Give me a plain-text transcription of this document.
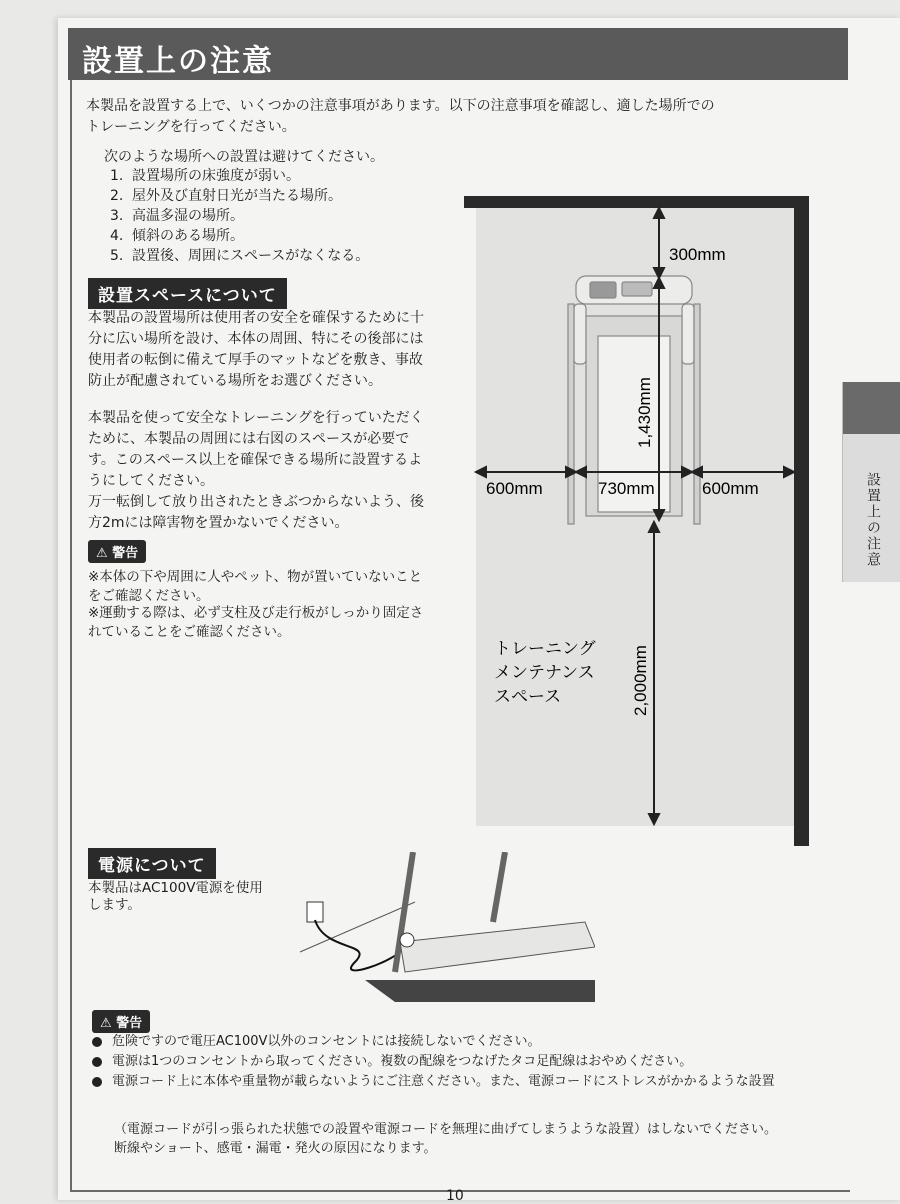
設置上の注意
本製品を設置する上で、いくつかの注意事項があります。以下の注意事項を確認し、適した場所での
トレーニングを行ってください。
次のような場所への設置は避けてください。
1. 設置場所の床強度が弱い。
2. 屋外及び直射日光が当たる場所。
3. 高温多湿の場所。
4. 傾斜のある場所。
5. 設置後、周囲にスペースがなくなる。
設置スペースについて
本製品の設置場所は使用者の安全を確保するために十分に広い場所を設け、本体の周囲、特にその後部には使用者の転倒に備えて厚手のマットなどを敷き、事故防止が配慮されている場所をお選びください。
本製品を使って安全なトレーニングを行っていただくために、本製品の周囲には右図のスペースが必要です。このスペース以上を確保できる場所に設置するようにしてください。
万一転倒して放り出されたときぶつからないよう、後方2mには障害物を置かないでください。
⚠ 警告
※本体の下や周囲に人やペット、物が置いていないことをご確認ください。
※運動する際は、必ず支柱及び走行板がしっかり固定されていることをご確認ください。
300mm
1,430mm
600mm	730mm	600mm
2,000mm
トレーニング
メンテナンス
スペース
設置上の注意
電源について
本製品はAC100V電源を使用します。
⚠ 警告
危険ですので電圧AC100V以外のコンセントには接続しないでください。
電源は1つのコンセントから取ってください。複数の配線をつなげたタコ足配線はおやめください。
電源コード上に本体や重量物が載らないようにご注意ください。また、電源コードにストレスがかかるような設置
（電源コードが引っ張られた状態での設置や電源コードを無理に曲げてしまうような設置）はしないでください。
断線やショート、感電・漏電・発火の原因になります。
10
